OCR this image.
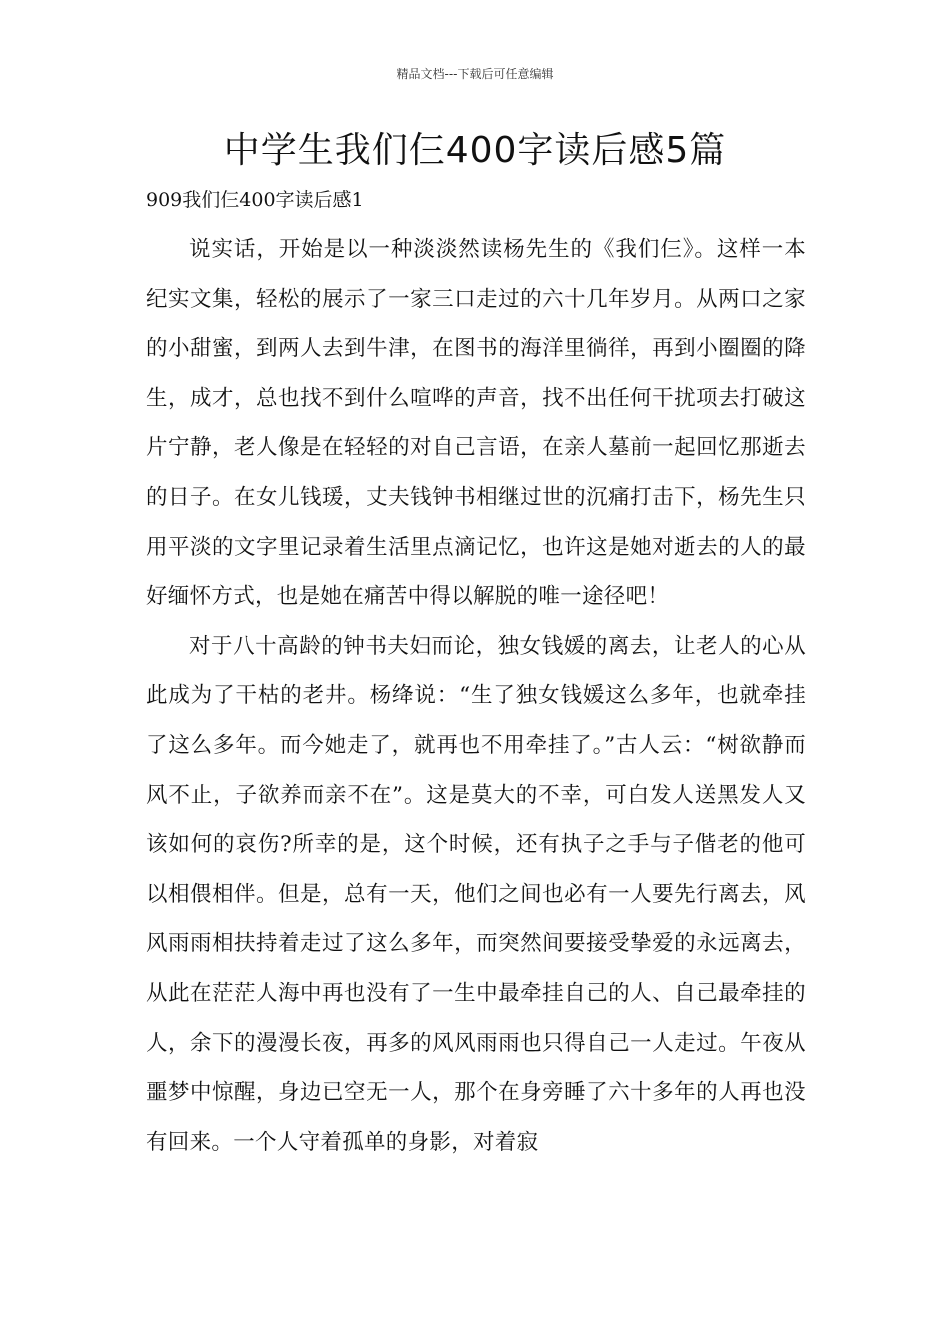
精品文档---下载后可任意编辑
中学生我们仨400字读后感5篇

909我们仨400字读后感1

说实话，开始是以一种淡淡然读杨先生的《我们仨》。这样一本纪实文集，轻松的展示了一家三口走过的六十几年岁月。从两口之家的小甜蜜，到两人去到牛津，在图书的海洋里徜徉，再到小圈圈的降生，成才，总也找不到什么喧哗的声音，找不出任何干扰项去打破这片宁静，老人像是在轻轻的对自己言语，在亲人墓前一起回忆那逝去的日子。在女儿钱瑗，丈夫钱钟书相继过世的沉痛打击下，杨先生只用平淡的文字里记录着生活里点滴记忆，也许这是她对逝去的人的最好缅怀方式，也是她在痛苦中得以解脱的唯一途径吧！

对于八十高龄的钟书夫妇而论，独女钱媛的离去，让老人的心从此成为了干枯的老井。杨绛说：“生了独女钱媛这么多年，也就牵挂了这么多年。而今她走了，就再也不用牵挂了。”古人云：“树欲静而风不止，子欲养而亲不在”。这是莫大的不幸，可白发人送黑发人又该如何的哀伤?所幸的是，这个时候，还有执子之手与子偕老的他可以相偎相伴。但是，总有一天，他们之间也必有一人要先行离去，风风雨雨相扶持着走过了这么多年，而突然间要接受挚爱的永远离去，从此在茫茫人海中再也没有了一生中最牵挂自己的人、自己最牵挂的人，余下的漫漫长夜，再多的风风雨雨也只得自己一人走过。午夜从噩梦中惊醒，身边已空无一人，那个在身旁睡了六十多年的人再也没有回来。一个人守着孤单的身影，对着寂
